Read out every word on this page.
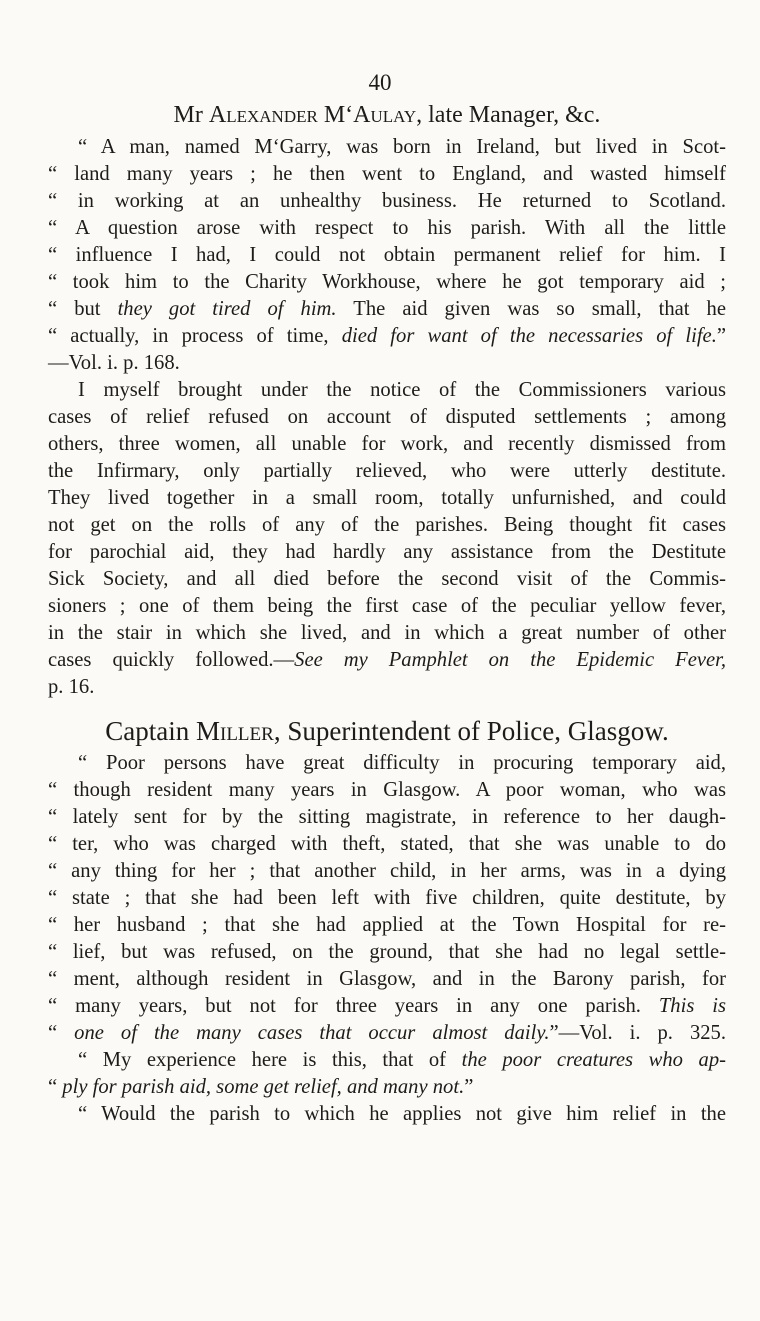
40
Mr Alexander M‘Aulay, late Manager, &c.
“ A man, named M‘Garry, was born in Ireland, but lived in Scot-
“ land many years ; he then went to England, and wasted himself
“ in working at an unhealthy business. He returned to Scotland.
“ A question arose with respect to his parish. With all the little
“ influence I had, I could not obtain permanent relief for him. I
“ took him to the Charity Workhouse, where he got temporary aid ;
“ but they got tired of him. The aid given was so small, that he
“ actually, in process of time, died for want of the necessaries of life.”
—Vol. i. p. 168.
I myself brought under the notice of the Commissioners various
cases of relief refused on account of disputed settlements ; among
others, three women, all unable for work, and recently dismissed from
the Infirmary, only partially relieved, who were utterly destitute.
They lived together in a small room, totally unfurnished, and could
not get on the rolls of any of the parishes. Being thought fit cases
for parochial aid, they had hardly any assistance from the Destitute
Sick Society, and all died before the second visit of the Commis-
sioners ; one of them being the first case of the peculiar yellow fever,
in the stair in which she lived, and in which a great number of other
cases quickly followed.—See my Pamphlet on the Epidemic Fever,
p. 16.
Captain Miller, Superintendent of Police, Glasgow.
“ Poor persons have great difficulty in procuring temporary aid,
“ though resident many years in Glasgow. A poor woman, who was
“ lately sent for by the sitting magistrate, in reference to her daugh-
“ ter, who was charged with theft, stated, that she was unable to do
“ any thing for her ; that another child, in her arms, was in a dying
“ state ; that she had been left with five children, quite destitute, by
“ her husband ; that she had applied at the Town Hospital for re-
“ lief, but was refused, on the ground, that she had no legal settle-
“ ment, although resident in Glasgow, and in the Barony parish, for
“ many years, but not for three years in any one parish. This is
“ one of the many cases that occur almost daily.”—Vol. i. p. 325.
“ My experience here is this, that of the poor creatures who ap-
“ ply for parish aid, some get relief, and many not.”
“ Would the parish to which he applies not give him relief in the
